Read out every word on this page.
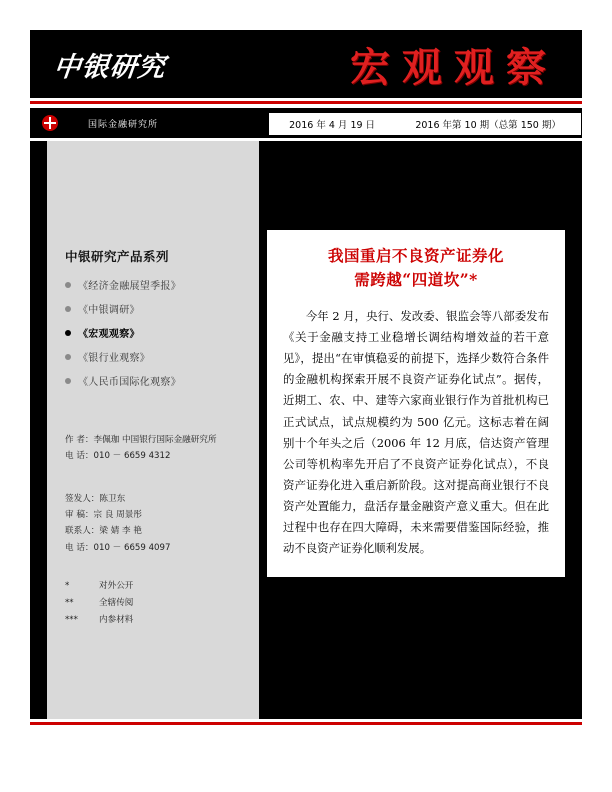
中银研究	宏观观察
国际金融研究所	2016 年 4 月 19 日	2016 年第 10 期（总第 150 期）
中银研究产品系列
《经济金融展望季报》
《中银调研》
《宏观观察》
《银行业观察》
《人民币国际化观察》
作 者：李佩珈 中国银行国际金融研究所
电 话：010 － 6659 4312
签发人：陈卫东
审 稿：宗 良 周景彤
联系人：梁 婧 李 艳
电 话：010 － 6659 4097
*	对外公开
**	全辖传阅
***	内参材料
我国重启不良资产证券化
需跨越“四道坎”*
今年 2 月，央行、发改委、银监会等八部委发布《关于金融支持工业稳增长调结构增效益的若干意见》，提出“在审慎稳妥的前提下，选择少数符合条件的金融机构探索开展不良资产证券化试点”。据传，近期工、农、中、建等六家商业银行作为首批机构已正式试点，试点规模约为 500 亿元。这标志着在阔别十个年头之后（2006 年 12 月底，信达资产管理公司等机构率先开启了不良资产证券化试点），不良资产证券化进入重启新阶段。这对提高商业银行不良资产处置能力，盘活存量金融资产意义重大。但在此过程中也存在四大障碍，未来需要借鉴国际经验，推动不良资产证券化顺利发展。
